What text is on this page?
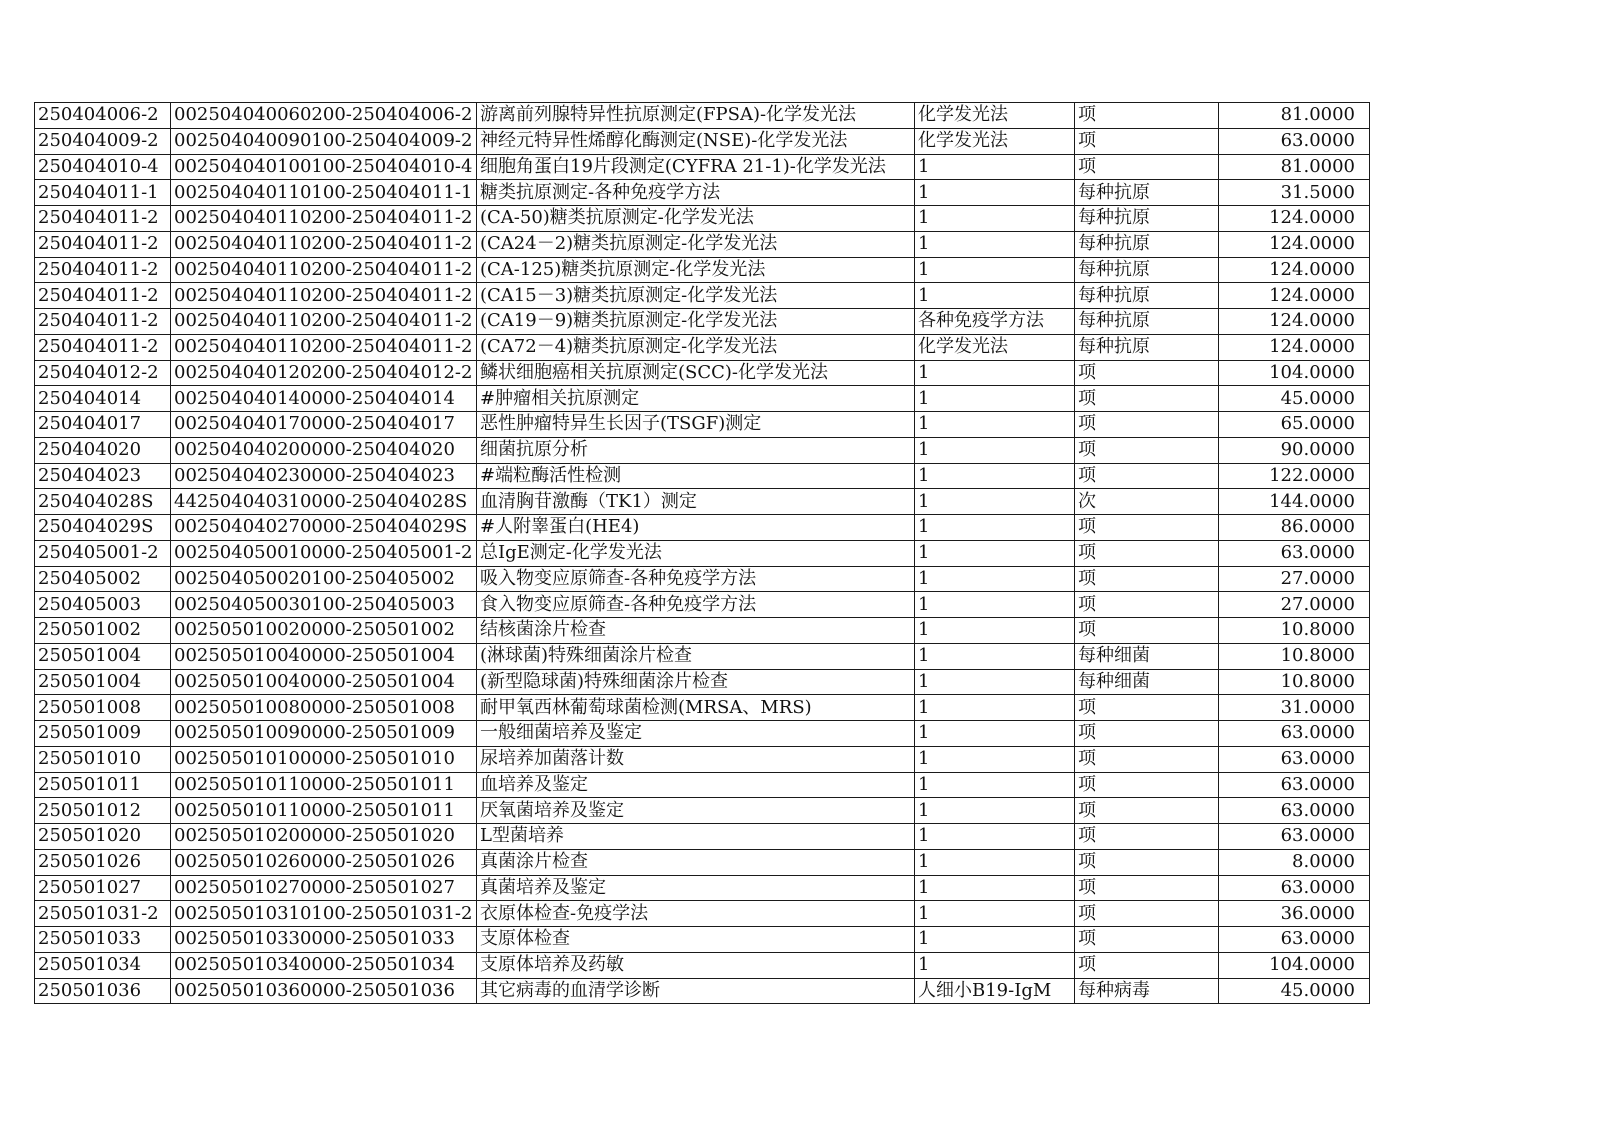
250404006-2	002504040060200-250404006-2	游离前列腺特异性抗原测定(FPSA)-化学发光法	化学发光法	项	81.0000
250404009-2	002504040090100-250404009-2	神经元特异性烯醇化酶测定(NSE)-化学发光法	化学发光法	项	63.0000
250404010-4	002504040100100-250404010-4	细胞角蛋白19片段测定(CYFRA 21-1)-化学发光法	1	项	81.0000
250404011-1	002504040110100-250404011-1	糖类抗原测定-各种免疫学方法	1	每种抗原	31.5000
250404011-2	002504040110200-250404011-2	(CA-50)糖类抗原测定-化学发光法	1	每种抗原	124.0000
250404011-2	002504040110200-250404011-2	(CA24－2)糖类抗原测定-化学发光法	1	每种抗原	124.0000
250404011-2	002504040110200-250404011-2	(CA-125)糖类抗原测定-化学发光法	1	每种抗原	124.0000
250404011-2	002504040110200-250404011-2	(CA15－3)糖类抗原测定-化学发光法	1	每种抗原	124.0000
250404011-2	002504040110200-250404011-2	(CA19－9)糖类抗原测定-化学发光法	各种免疫学方法	每种抗原	124.0000
250404011-2	002504040110200-250404011-2	(CA72－4)糖类抗原测定-化学发光法	化学发光法	每种抗原	124.0000
250404012-2	002504040120200-250404012-2	鳞状细胞癌相关抗原测定(SCC)-化学发光法	1	项	104.0000
250404014	002504040140000-250404014	#肿瘤相关抗原测定	1	项	45.0000
250404017	002504040170000-250404017	恶性肿瘤特异生长因子(TSGF)测定	1	项	65.0000
250404020	002504040200000-250404020	细菌抗原分析	1	项	90.0000
250404023	002504040230000-250404023	#端粒酶活性检测	1	项	122.0000
250404028S	442504040310000-250404028S	血清胸苷激酶（TK1）测定	1	次	144.0000
250404029S	002504040270000-250404029S	#人附睾蛋白(HE4)	1	项	86.0000
250405001-2	002504050010000-250405001-2	总IgE测定-化学发光法	1	项	63.0000
250405002	002504050020100-250405002	吸入物变应原筛查-各种免疫学方法	1	项	27.0000
250405003	002504050030100-250405003	食入物变应原筛查-各种免疫学方法	1	项	27.0000
250501002	002505010020000-250501002	结核菌涂片检查	1	项	10.8000
250501004	002505010040000-250501004	(淋球菌)特殊细菌涂片检查	1	每种细菌	10.8000
250501004	002505010040000-250501004	(新型隐球菌)特殊细菌涂片检查	1	每种细菌	10.8000
250501008	002505010080000-250501008	耐甲氧西林葡萄球菌检测(MRSA、MRS)	1	项	31.0000
250501009	002505010090000-250501009	一般细菌培养及鉴定	1	项	63.0000
250501010	002505010100000-250501010	尿培养加菌落计数	1	项	63.0000
250501011	002505010110000-250501011	血培养及鉴定	1	项	63.0000
250501012	002505010110000-250501011	厌氧菌培养及鉴定	1	项	63.0000
250501020	002505010200000-250501020	L型菌培养	1	项	63.0000
250501026	002505010260000-250501026	真菌涂片检查	1	项	8.0000
250501027	002505010270000-250501027	真菌培养及鉴定	1	项	63.0000
250501031-2	002505010310100-250501031-2	衣原体检查-免疫学法	1	项	36.0000
250501033	002505010330000-250501033	支原体检查	1	项	63.0000
250501034	002505010340000-250501034	支原体培养及药敏	1	项	104.0000
250501036	002505010360000-250501036	其它病毒的血清学诊断	人细小B19-IgM	每种病毒	45.0000
